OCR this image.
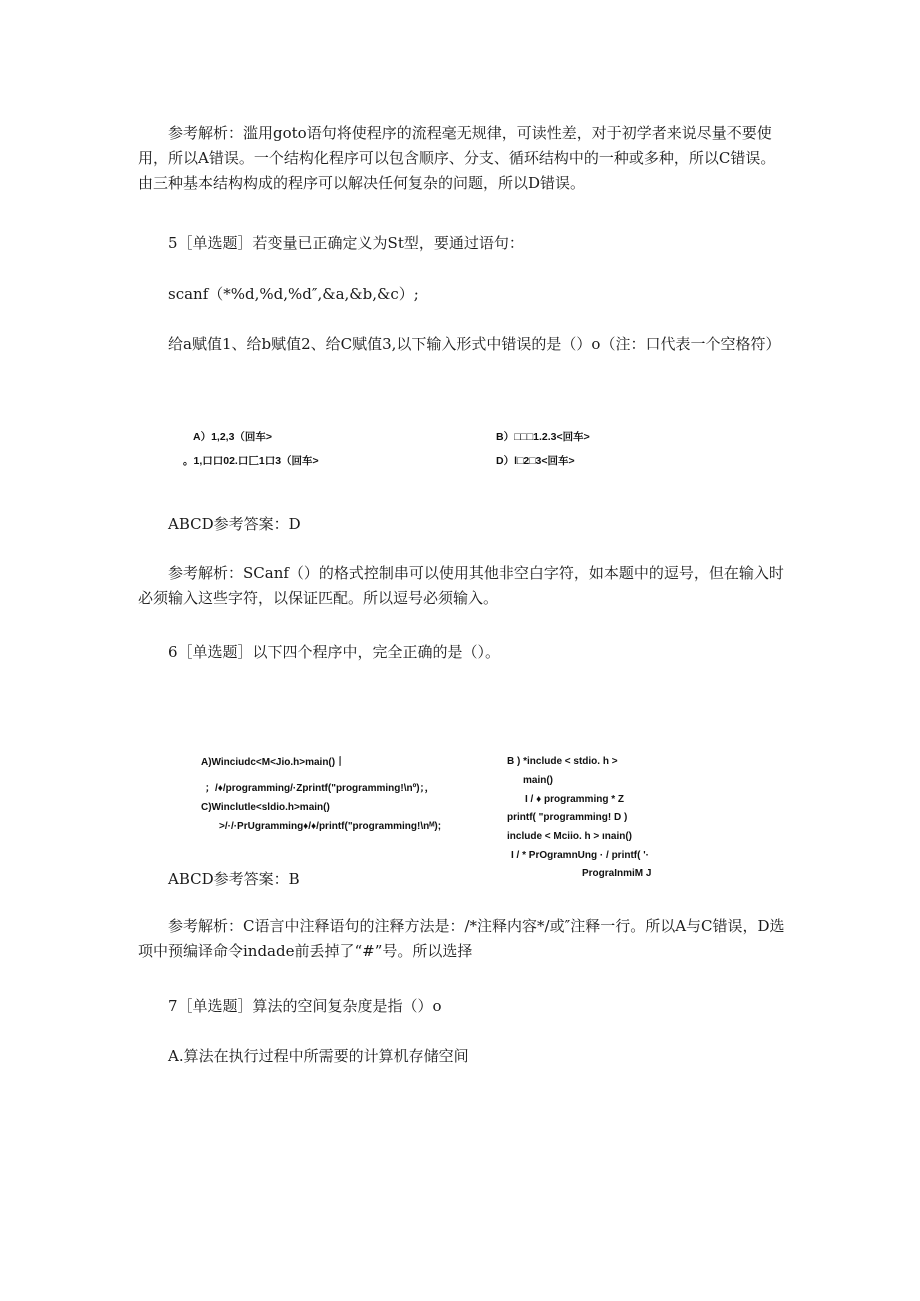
参考解析：滥用goto语句将使程序的流程毫无规律，可读性差，对于初学者来说尽量不要使用，所以A错误。一个结构化程序可以包含顺序、分支、循环结构中的一种或多种，所以C错误。由三种基本结构构成的程序可以解决任何复杂的问题，所以D错误。

5［单选题］若变量已正确定义为St型，要通过语句：

scanf（*%d,%d,%d″,&a,&b,&c）;

给a赋值1、给b赋值2、给C赋值3,以下输入形式中错误的是（）o（注：口代表一个空格符）

A）1,2,3（回车>	B）□□□1.2.3<回车>
。1,口口02.口匚1口3（回车>	D）l□2□3<回车>

ABCD参考答案：D

参考解析：SCanf（）的格式控制串可以使用其他非空白字符，如本题中的逗号，但在输入时必须输入这些字符，以保证匹配。所以逗号必须输入。

6［单选题］以下四个程序中，完全正确的是（）。

A)Winciudc<M<Jio.h>main()丨
；/♦/programming/·Zprintf("programming!\nº)；，
C)Winclutle<sldio.h>main()
>/·/·PrUgramming♦/♦/printf("programming!\nᴹ);
B ) *include < stdio. h >
main()
I / ♦ programming * Z
printf( "programming! D )
include < Mciio. h > ınain()
I / * PrOgramnUng · / printf( '·
PrograInmiM J

ABCD参考答案：B

参考解析：C语言中注释语句的注释方法是：/*注释内容*/或″注释一行。所以A与C错误，D选项中预编译命令indade前丢掉了“#”号。所以选择

7［单选题］算法的空间复杂度是指（）o

A.算法在执行过程中所需要的计算机存储空间
